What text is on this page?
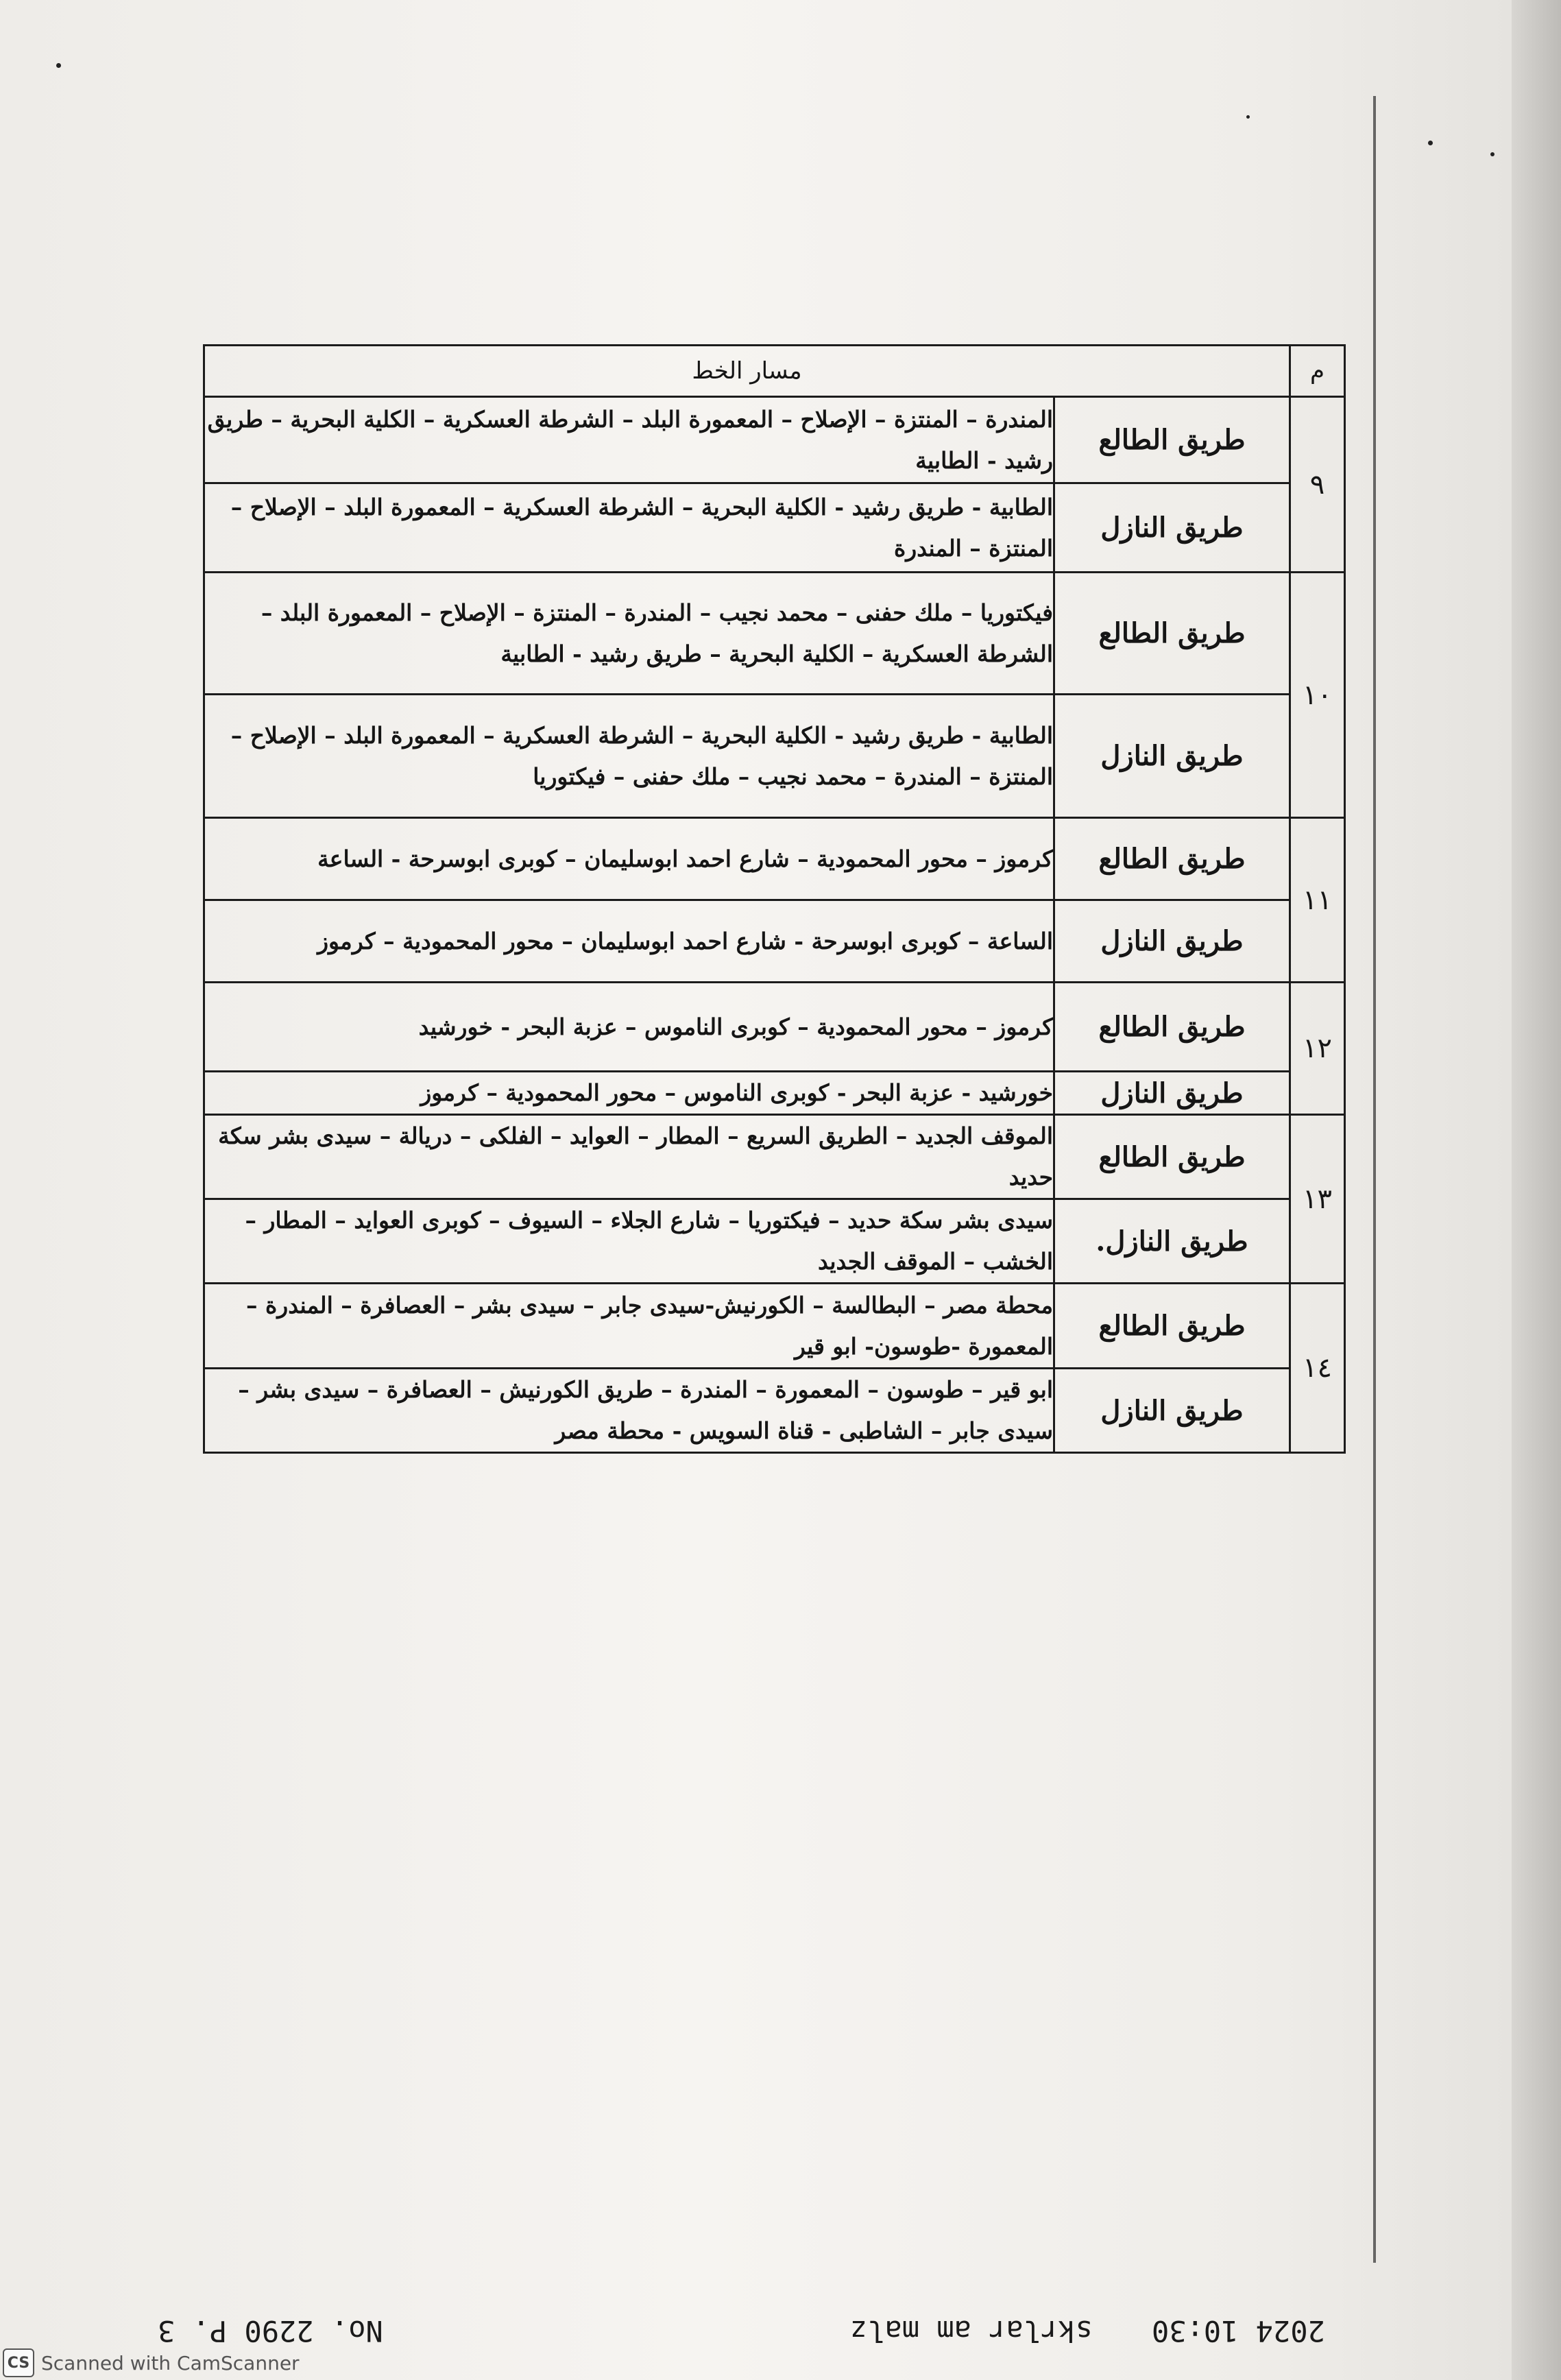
م	مسار الخط	
٩	طريق الطالع	المندرة – المنتزة – الإصلاح – المعمورة البلد – الشرطة العسكرية – الكلية البحرية – طريق رشيد - الطابية
	طريق النازل	الطابية - طريق رشيد - الكلية البحرية – الشرطة العسكرية – المعمورة البلد – الإصلاح – المنتزة – المندرة
١٠	طريق الطالع	فيكتوريا – ملك حفنى – محمد نجيب – المندرة – المنتزة – الإصلاح – المعمورة البلد – الشرطة العسكرية – الكلية البحرية – طريق رشيد - الطابية
	طريق النازل	الطابية - طريق رشيد - الكلية البحرية – الشرطة العسكرية – المعمورة البلد – الإصلاح – المنتزة – المندرة – محمد نجيب – ملك حفنى – فيكتوريا
١١	طريق الطالع	كرموز – محور المحمودية – شارع احمد ابوسليمان – كوبرى ابوسرحة - الساعة
	طريق النازل	الساعة – كوبرى ابوسرحة - شارع احمد ابوسليمان – محور المحمودية – كرموز
١٢	طريق الطالع	كرموز – محور المحمودية – كوبرى الناموس – عزبة البحر - خورشيد
	طريق النازل	خورشيد - عزبة البحر - كوبرى الناموس – محور المحمودية – كرموز
١٣	طريق الطالع	الموقف الجديد – الطريق السريع – المطار – العوايد – الفلكى – دريالة – سيدى بشر سكة حديد
	طريق النازل.	سيدى بشر سكة حديد – فيكتوريا – شارع الجلاء – السيوف – كوبرى العوايد – المطار – الخشب – الموقف الجديد
١٤	طريق الطالع	محطة مصر – البطالسة – الكورنيش-سيدى جابر – سيدى بشر – العصافرة – المندرة – المعمورة -طوسون- ابو قير
	طريق النازل	ابو قير – طوسون – المعمورة – المندرة – طريق الكورنيش – العصافرة – سيدى بشر – سيدى جابر – الشاطبى - قناة السويس - محطة مصر
No. 2290 P. 3	skrlar am malz 2024 10:30
CS Scanned with CamScanner
